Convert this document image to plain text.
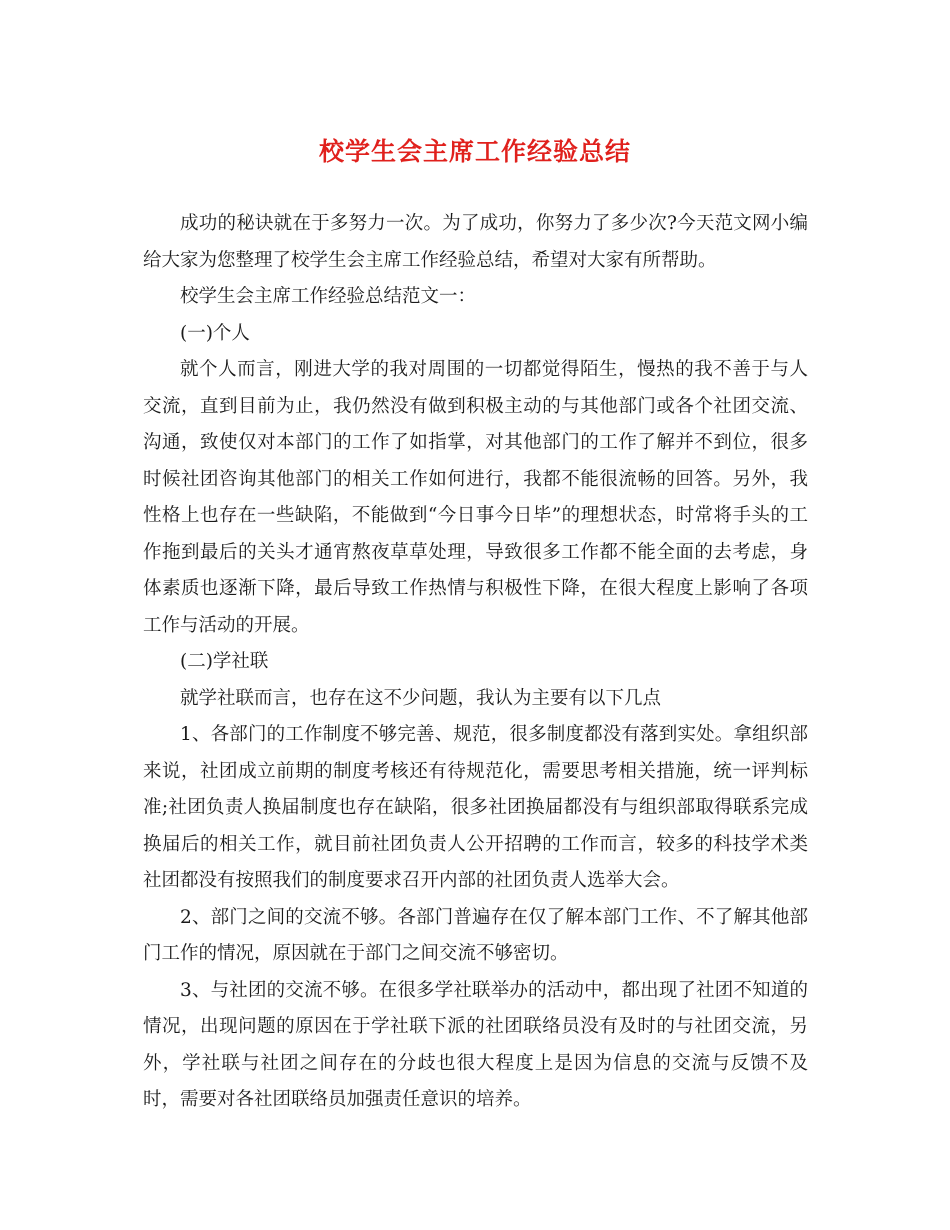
校学生会主席工作经验总结

成功的秘诀就在于多努力一次。为了成功，你努力了多少次?今天范文网小编给大家为您整理了校学生会主席工作经验总结，希望对大家有所帮助。

校学生会主席工作经验总结范文一：

(一)个人

就个人而言，刚进大学的我对周围的一切都觉得陌生，慢热的我不善于与人交流，直到目前为止，我仍然没有做到积极主动的与其他部门或各个社团交流、沟通，致使仅对本部门的工作了如指掌，对其他部门的工作了解并不到位，很多时候社团咨询其他部门的相关工作如何进行，我都不能很流畅的回答。另外，我性格上也存在一些缺陷，不能做到“今日事今日毕”的理想状态，时常将手头的工作拖到最后的关头才通宵熬夜草草处理，导致很多工作都不能全面的去考虑，身体素质也逐渐下降，最后导致工作热情与积极性下降，在很大程度上影响了各项工作与活动的开展。

(二)学社联

就学社联而言，也存在这不少问题，我认为主要有以下几点

1、各部门的工作制度不够完善、规范，很多制度都没有落到实处。拿组织部来说，社团成立前期的制度考核还有待规范化，需要思考相关措施，统一评判标准;社团负责人换届制度也存在缺陷，很多社团换届都没有与组织部取得联系完成换届后的相关工作，就目前社团负责人公开招聘的工作而言，较多的科技学术类社团都没有按照我们的制度要求召开内部的社团负责人选举大会。

2、部门之间的交流不够。各部门普遍存在仅了解本部门工作、不了解其他部门工作的情况，原因就在于部门之间交流不够密切。

3、与社团的交流不够。在很多学社联举办的活动中，都出现了社团不知道的情况，出现问题的原因在于学社联下派的社团联络员没有及时的与社团交流，另外，学社联与社团之间存在的分歧也很大程度上是因为信息的交流与反馈不及时，需要对各社团联络员加强责任意识的培养。
